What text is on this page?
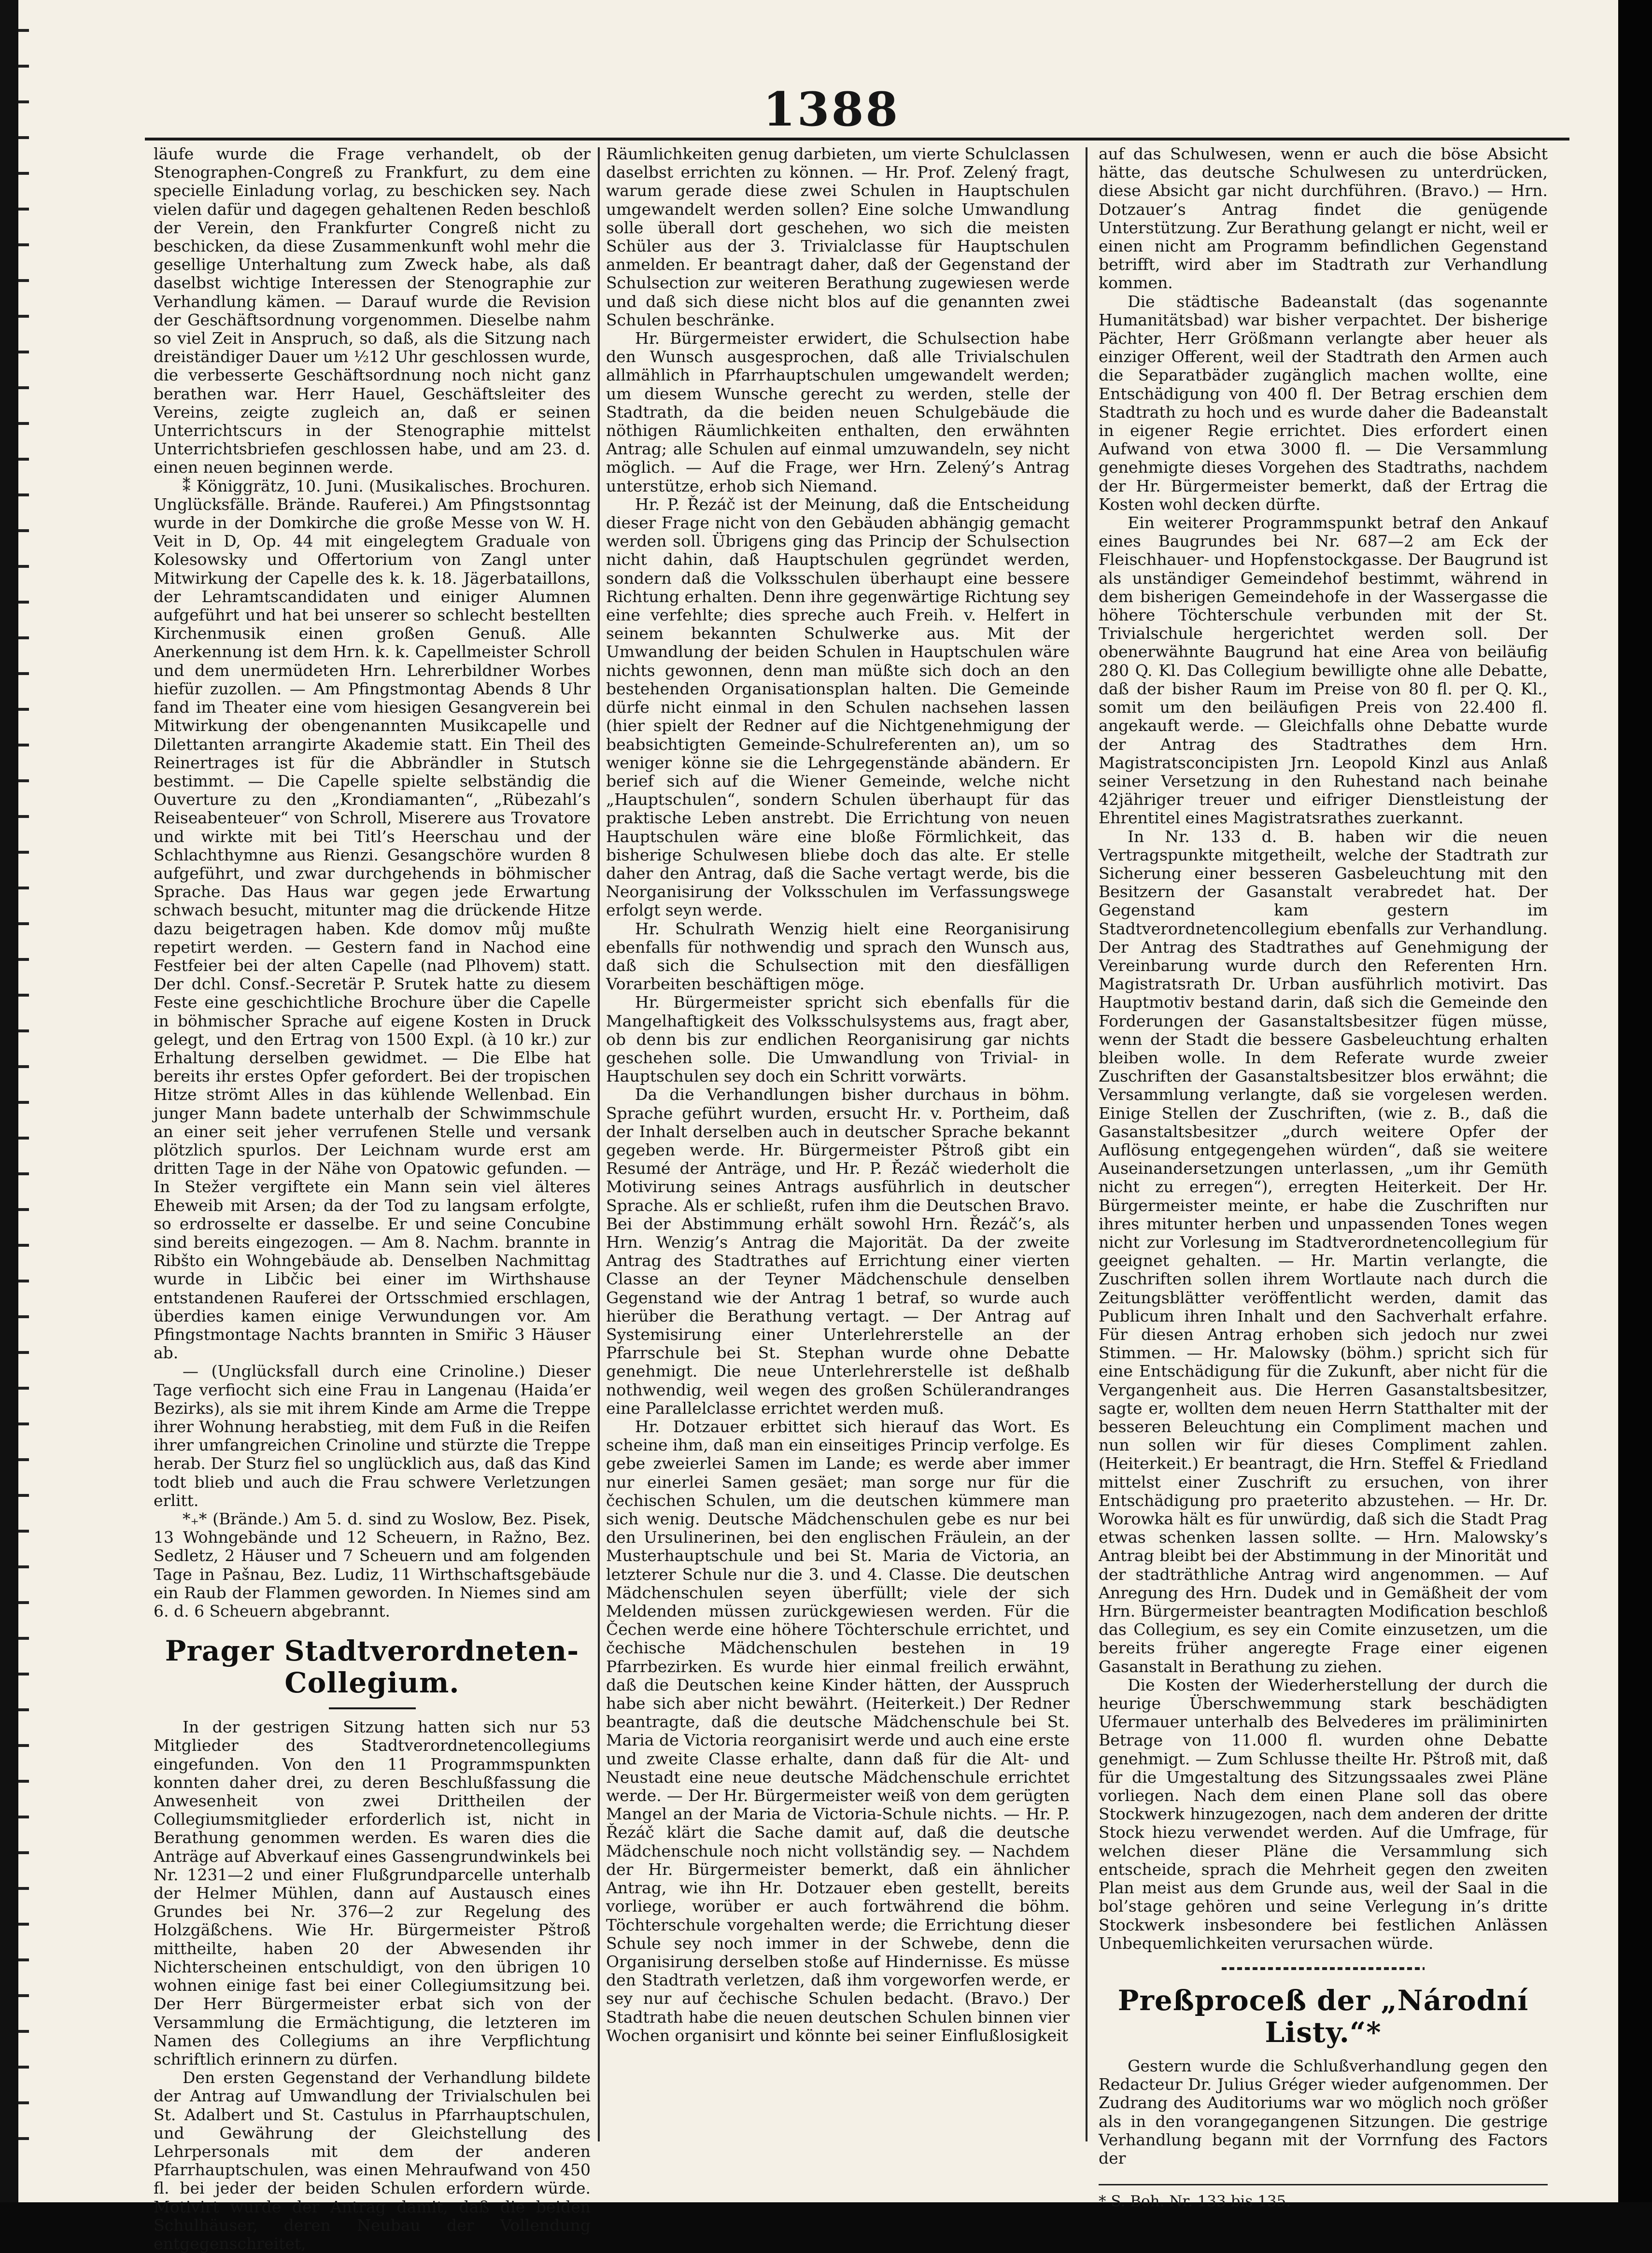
1388

läufe wurde die Frage verhandelt, ob der Stenographen-Congreß zu Frankfurt, zu dem eine specielle Einladung vorlag, zu beschicken sey. Nach vielen dafür und dagegen gehaltenen Reden beschloß der Verein, den Frankfurter Congreß nicht zu beschicken, da diese Zusammenkunft wohl mehr die gesellige Unterhaltung zum Zweck habe, als daß daselbst wichtige Interessen der Stenographie zur Verhandlung kämen. — Darauf wurde die Revision der Geschäftsordnung vorgenommen. Dieselbe nahm so viel Zeit in Anspruch, so daß, als die Sitzung nach dreiständiger Dauer um ½12 Uhr geschlossen wurde, die verbesserte Geschäftsordnung noch nicht ganz berathen war. Herr Hauel, Geschäftsleiter des Vereins, zeigte zugleich an, daß er seinen Unterrichtscurs in der Stenographie mittelst Unterrichtsbriefen geschlossen habe, und am 23. d. einen neuen beginnen werde.

⁑ Königgrätz, 10. Juni. (Musikalisches. Brochuren. Unglücksfälle. Brände. Rauferei.) Am Pfingstsonntag wurde in der Domkirche die große Messe von W. H. Veit in D, Op. 44 mit eingelegtem Graduale von Kolesowsky und Offertorium von Zangl unter Mitwirkung der Capelle des k. k. 18. Jägerbataillons, der Lehramtscandidaten und einiger Alumnen aufgeführt und hat bei unserer so schlecht bestellten Kirchenmusik einen großen Genuß. Alle Anerkennung ist dem Hrn. k. k. Capellmeister Schroll und dem unermüdeten Hrn. Lehrerbildner Worbes hiefür zuzollen. — Am Pfingstmontag Abends 8 Uhr fand im Theater eine vom hiesigen Gesangverein bei Mitwirkung der obengenannten Musikcapelle und Dilettanten arrangirte Akademie statt. Ein Theil des Reinertrages ist für die Abbrändler in Stutsch bestimmt. — Die Capelle spielte selbständig die Ouverture zu den „Krondiamanten“, „Rübezahl’s Reiseabenteuer“ von Schroll, Miserere aus Trovatore und wirkte mit bei Titl’s Heerschau und der Schlachthymne aus Rienzi. Gesangschöre wurden 8 aufgeführt, und zwar durchgehends in böhmischer Sprache. Das Haus war gegen jede Erwartung schwach besucht, mitunter mag die drückende Hitze dazu beigetragen haben. Kde domov můj mußte repetirt werden. — Gestern fand in Nachod eine Festfeier bei der alten Capelle (nad Plhovem) statt. Der dchl. Consf.-Secretär P. Srutek hatte zu diesem Feste eine geschichtliche Brochure über die Capelle in böhmischer Sprache auf eigene Kosten in Druck gelegt, und den Ertrag von 1500 Expl. (à 10 kr.) zur Erhaltung derselben gewidmet. — Die Elbe hat bereits ihr erstes Opfer gefordert. Bei der tropischen Hitze strömt Alles in das kühlende Wellenbad. Ein junger Mann badete unterhalb der Schwimmschule an einer seit jeher verrufenen Stelle und versank plötzlich spurlos. Der Leichnam wurde erst am dritten Tage in der Nähe von Opatowic gefunden. — In Stežer vergiftete ein Mann sein viel älteres Eheweib mit Arsen; da der Tod zu langsam erfolgte, so erdrosselte er dasselbe. Er und seine Concubine sind bereits eingezogen. — Am 8. Nachm. brannte in Ribšto ein Wohngebäude ab. Denselben Nachmittag wurde in Libčic bei einer im Wirthshause entstandenen Rauferei der Ortsschmied erschlagen, überdies kamen einige Verwundungen vor. Am Pfingstmontage Nachts brannten in Smiřic 3 Häuser ab.

— (Unglücksfall durch eine Crinoline.) Dieser Tage verfiocht sich eine Frau in Langenau (Haida’er Bezirks), als sie mit ihrem Kinde am Arme die Treppe ihrer Wohnung herabstieg, mit dem Fuß in die Reifen ihrer umfangreichen Crinoline und stürzte die Treppe herab. Der Sturz fiel so unglücklich aus, daß das Kind todt blieb und auch die Frau schwere Verletzungen erlitt.

*₊* (Brände.) Am 5. d. sind zu Woslow, Bez. Pisek, 13 Wohngebände und 12 Scheuern, in Ražno, Bez. Sedletz, 2 Häuser und 7 Scheuern und am folgenden Tage in Pašnau, Bez. Ludiz, 11 Wirthschaftsgebäude ein Raub der Flammen geworden. In Niemes sind am 6. d. 6 Scheuern abgebrannt.

Prager Stadtverordneten-Collegium.

In der gestrigen Sitzung hatten sich nur 53 Mitglieder des Stadtverordnetencollegiums eingefunden. Von den 11 Programmspunkten konnten daher drei, zu deren Beschlußfassung die Anwesenheit von zwei Drittheilen der Collegiumsmitglieder erforderlich ist, nicht in Berathung genommen werden. Es waren dies die Anträge auf Abverkauf eines Gassengrundwinkels bei Nr. 1231—2 und einer Flußgrundparcelle unterhalb der Helmer Mühlen, dann auf Austausch eines Grundes bei Nr. 376—2 zur Regelung des Holzgäßchens. Wie Hr. Bürgermeister Pštroß mittheilte, haben 20 der Abwesenden ihr Nichterscheinen entschuldigt, von den übrigen 10 wohnen einige fast bei einer Collegiumsitzung bei. Der Herr Bürgermeister erbat sich von der Versammlung die Ermächtigung, die letzteren im Namen des Collegiums an ihre Verpflichtung schriftlich erinnern zu dürfen.

Den ersten Gegenstand der Verhandlung bildete der Antrag auf Umwandlung der Trivialschulen bei St. Adalbert und St. Castulus in Pfarrhauptschulen, und Gewährung der Gleichstellung des Lehrpersonals mit dem der anderen Pfarrhauptschulen, was einen Mehraufwand von 450 fl. bei jeder der beiden Schulen erfordern würde. Motivirt wurde der Antrag damit, daß die beiden Schulhäuser, deren Neubau der Vollendung entgegenschreitet,

Räumlichkeiten genug darbieten, um vierte Schulclassen daselbst errichten zu können. — Hr. Prof. Zelený fragt, warum gerade diese zwei Schulen in Hauptschulen umgewandelt werden sollen? Eine solche Umwandlung solle überall dort geschehen, wo sich die meisten Schüler aus der 3. Trivialclasse für Hauptschulen anmelden. Er beantragt daher, daß der Gegenstand der Schulsection zur weiteren Berathung zugewiesen werde und daß sich diese nicht blos auf die genannten zwei Schulen beschränke.

Hr. Bürgermeister erwidert, die Schulsection habe den Wunsch ausgesprochen, daß alle Trivialschulen allmählich in Pfarrhauptschulen umgewandelt werden; um diesem Wunsche gerecht zu werden, stelle der Stadtrath, da die beiden neuen Schulgebäude die nöthigen Räumlichkeiten enthalten, den erwähnten Antrag; alle Schulen auf einmal umzuwandeln, sey nicht möglich. — Auf die Frage, wer Hrn. Zelený’s Antrag unterstütze, erhob sich Niemand.

Hr. P. Řezáč ist der Meinung, daß die Entscheidung dieser Frage nicht von den Gebäuden abhängig gemacht werden soll. Übrigens ging das Princip der Schulsection nicht dahin, daß Hauptschulen gegründet werden, sondern daß die Volksschulen überhaupt eine bessere Richtung erhalten. Denn ihre gegenwärtige Richtung sey eine verfehlte; dies spreche auch Freih. v. Helfert in seinem bekannten Schulwerke aus. Mit der Umwandlung der beiden Schulen in Hauptschulen wäre nichts gewonnen, denn man müßte sich doch an den bestehenden Organisationsplan halten. Die Gemeinde dürfe nicht einmal in den Schulen nachsehen lassen (hier spielt der Redner auf die Nichtgenehmigung der beabsichtigten Gemeinde-Schulreferenten an), um so weniger könne sie die Lehrgegenstände abändern. Er berief sich auf die Wiener Gemeinde, welche nicht „Hauptschulen“, sondern Schulen überhaupt für das praktische Leben anstrebt. Die Errichtung von neuen Hauptschulen wäre eine bloße Förmlichkeit, das bisherige Schulwesen bliebe doch das alte. Er stelle daher den Antrag, daß die Sache vertagt werde, bis die Neorganisirung der Volksschulen im Verfassungswege erfolgt seyn werde.

Hr. Schulrath Wenzig hielt eine Reorganisirung ebenfalls für nothwendig und sprach den Wunsch aus, daß sich die Schulsection mit den diesfälligen Vorarbeiten beschäftigen möge.

Hr. Bürgermeister spricht sich ebenfalls für die Mangelhaftigkeit des Volksschulsystems aus, fragt aber, ob denn bis zur endlichen Reorganisirung gar nichts geschehen solle. Die Umwandlung von Trivial- in Hauptschulen sey doch ein Schritt vorwärts.

Da die Verhandlungen bisher durchaus in böhm. Sprache geführt wurden, ersucht Hr. v. Portheim, daß der Inhalt derselben auch in deutscher Sprache bekannt gegeben werde. Hr. Bürgermeister Pštroß gibt ein Resumé der Anträge, und Hr. P. Řezáč wiederholt die Motivirung seines Antrags ausführlich in deutscher Sprache. Als er schließt, rufen ihm die Deutschen Bravo. Bei der Abstimmung erhält sowohl Hrn. Řezáč’s, als Hrn. Wenzig’s Antrag die Majorität. Da der zweite Antrag des Stadtrathes auf Errichtung einer vierten Classe an der Teyner Mädchenschule denselben Gegenstand wie der Antrag 1 betraf, so wurde auch hierüber die Berathung vertagt. — Der Antrag auf Systemisirung einer Unterlehrerstelle an der Pfarrschule bei St. Stephan wurde ohne Debatte genehmigt. Die neue Unterlehrerstelle ist deßhalb nothwendig, weil wegen des großen Schülerandranges eine Parallelclasse errichtet werden muß.

Hr. Dotzauer erbittet sich hierauf das Wort. Es scheine ihm, daß man ein einseitiges Princip verfolge. Es gebe zweierlei Samen im Lande; es werde aber immer nur einerlei Samen gesäet; man sorge nur für die čechischen Schulen, um die deutschen kümmere man sich wenig. Deutsche Mädchenschulen gebe es nur bei den Ursulinerinen, bei den englischen Fräulein, an der Musterhauptschule und bei St. Maria de Victoria, an letzterer Schule nur die 3. und 4. Classe. Die deutschen Mädchenschulen seyen überfüllt; viele der sich Meldenden müssen zurückgewiesen werden. Für die Čechen werde eine höhere Töchterschule errichtet, und čechische Mädchenschulen bestehen in 19 Pfarrbezirken. Es wurde hier einmal freilich erwähnt, daß die Deutschen keine Kinder hätten, der Ausspruch habe sich aber nicht bewährt. (Heiterkeit.) Der Redner beantragte, daß die deutsche Mädchenschule bei St. Maria de Victoria reorganisirt werde und auch eine erste und zweite Classe erhalte, dann daß für die Alt- und Neustadt eine neue deutsche Mädchenschule errichtet werde. — Der Hr. Bürgermeister weiß von dem gerügten Mangel an der Maria de Victoria-Schule nichts. — Hr. P. Řezáč klärt die Sache damit auf, daß die deutsche Mädchenschule noch nicht vollständig sey. — Nachdem der Hr. Bürgermeister bemerkt, daß ein ähnlicher Antrag, wie ihn Hr. Dotzauer eben gestellt, bereits vorliege, worüber er auch fortwährend die böhm. Töchterschule vorgehalten werde; die Errichtung dieser Schule sey noch immer in der Schwebe, denn die Organisirung derselben stoße auf Hindernisse. Es müsse den Stadtrath verletzen, daß ihm vorgeworfen werde, er sey nur auf čechische Schulen bedacht. (Bravo.) Der Stadtrath habe die neuen deutschen Schulen binnen vier Wochen organisirt und könnte bei seiner Einflußlosigkeit

auf das Schulwesen, wenn er auch die böse Absicht hätte, das deutsche Schulwesen zu unterdrücken, diese Absicht gar nicht durchführen. (Bravo.) — Hrn. Dotzauer’s Antrag findet die genügende Unterstützung. Zur Berathung gelangt er nicht, weil er einen nicht am Programm befindlichen Gegenstand betrifft, wird aber im Stadtrath zur Verhandlung kommen.

Die städtische Badeanstalt (das sogenannte Humanitätsbad) war bisher verpachtet. Der bisherige Pächter, Herr Größmann verlangte aber heuer als einziger Offerent, weil der Stadtrath den Armen auch die Separatbäder zugänglich machen wollte, eine Entschädigung von 400 fl. Der Betrag erschien dem Stadtrath zu hoch und es wurde daher die Badeanstalt in eigener Regie errichtet. Dies erfordert einen Aufwand von etwa 3000 fl. — Die Versammlung genehmigte dieses Vorgehen des Stadtraths, nachdem der Hr. Bürgermeister bemerkt, daß der Ertrag die Kosten wohl decken dürfte.

Ein weiterer Programmspunkt betraf den Ankauf eines Baugrundes bei Nr. 687—2 am Eck der Fleischhauer- und Hopfenstockgasse. Der Baugrund ist als unständiger Gemeindehof bestimmt, während in dem bisherigen Gemeindehofe in der Wassergasse die höhere Töchterschule verbunden mit der St. Trivialschule hergerichtet werden soll. Der obenerwähnte Baugrund hat eine Area von beiläufig 280 Q. Kl. Das Collegium bewilligte ohne alle Debatte, daß der bisher Raum im Preise von 80 fl. per Q. Kl., somit um den beiläufigen Preis von 22.400 fl. angekauft werde. — Gleichfalls ohne Debatte wurde der Antrag des Stadtrathes dem Hrn. Magistratsconcipisten Jrn. Leopold Kinzl aus Anlaß seiner Versetzung in den Ruhestand nach beinahe 42jähriger treuer und eifriger Dienstleistung der Ehrentitel eines Magistratsrathes zuerkannt.

In Nr. 133 d. B. haben wir die neuen Vertragspunkte mitgetheilt, welche der Stadtrath zur Sicherung einer besseren Gasbeleuchtung mit den Besitzern der Gasanstalt verabredet hat. Der Gegenstand kam gestern im Stadtverordnetencollegium ebenfalls zur Verhandlung. Der Antrag des Stadtrathes auf Genehmigung der Vereinbarung wurde durch den Referenten Hrn. Magistratsrath Dr. Urban ausführlich motivirt. Das Hauptmotiv bestand darin, daß sich die Gemeinde den Forderungen der Gasanstaltsbesitzer fügen müsse, wenn der Stadt die bessere Gasbeleuchtung erhalten bleiben wolle. In dem Referate wurde zweier Zuschriften der Gasanstaltsbesitzer blos erwähnt; die Versammlung verlangte, daß sie vorgelesen werden. Einige Stellen der Zuschriften, (wie z. B., daß die Gasanstaltsbesitzer „durch weitere Opfer der Auflösung entgegengehen würden“, daß sie weitere Auseinandersetzungen unterlassen, „um ihr Gemüth nicht zu erregen“), erregten Heiterkeit. Der Hr. Bürgermeister meinte, er habe die Zuschriften nur ihres mitunter herben und unpassenden Tones wegen nicht zur Vorlesung im Stadtverordnetencollegium für geeignet gehalten. — Hr. Martin verlangte, die Zuschriften sollen ihrem Wortlaute nach durch die Zeitungsblätter veröffentlicht werden, damit das Publicum ihren Inhalt und den Sachverhalt erfahre. Für diesen Antrag erhoben sich jedoch nur zwei Stimmen. — Hr. Malowsky (böhm.) spricht sich für eine Entschädigung für die Zukunft, aber nicht für die Vergangenheit aus. Die Herren Gasanstaltsbesitzer, sagte er, wollten dem neuen Herrn Statthalter mit der besseren Beleuchtung ein Compliment machen und nun sollen wir für dieses Compliment zahlen. (Heiterkeit.) Er beantragt, die Hrn. Steffel & Friedland mittelst einer Zuschrift zu ersuchen, von ihrer Entschädigung pro praeterito abzustehen. — Hr. Dr. Worowka hält es für unwürdig, daß sich die Stadt Prag etwas schenken lassen sollte. — Hrn. Malowsky’s Antrag bleibt bei der Abstimmung in der Minorität und der stadträthliche Antrag wird angenommen. — Auf Anregung des Hrn. Dudek und in Gemäßheit der vom Hrn. Bürgermeister beantragten Modification beschloß das Collegium, es sey ein Comite einzusetzen, um die bereits früher angeregte Frage einer eigenen Gasanstalt in Berathung zu ziehen.

Die Kosten der Wiederherstellung der durch die heurige Überschwemmung stark beschädigten Ufermauer unterhalb des Belvederes im präliminirten Betrage von 11.000 fl. wurden ohne Debatte genehmigt. — Zum Schlusse theilte Hr. Pštroß mit, daß für die Umgestaltung des Sitzungssaales zwei Pläne vorliegen. Nach dem einen Plane soll das obere Stockwerk hinzugezogen, nach dem anderen der dritte Stock hiezu verwendet werden. Auf die Umfrage, für welchen dieser Pläne die Versammlung sich entscheide, sprach die Mehrheit gegen den zweiten Plan meist aus dem Grunde aus, weil der Saal in die bol’stage gehören und seine Verlegung in’s dritte Stockwerk insbesondere bei festlichen Anlässen Unbequemlichkeiten verursachen würde.

Preßproceß der „Národní Listy.“*

Gestern wurde die Schlußverhandlung gegen den Redacteur Dr. Julius Gréger wieder aufgenommen. Der Zudrang des Auditoriums war wo möglich noch größer als in den vorangegangenen Sitzungen. Die gestrige Verhandlung begann mit der Vorrnfung des Factors der

* S. Boh. Nr. 133 bis 135.
